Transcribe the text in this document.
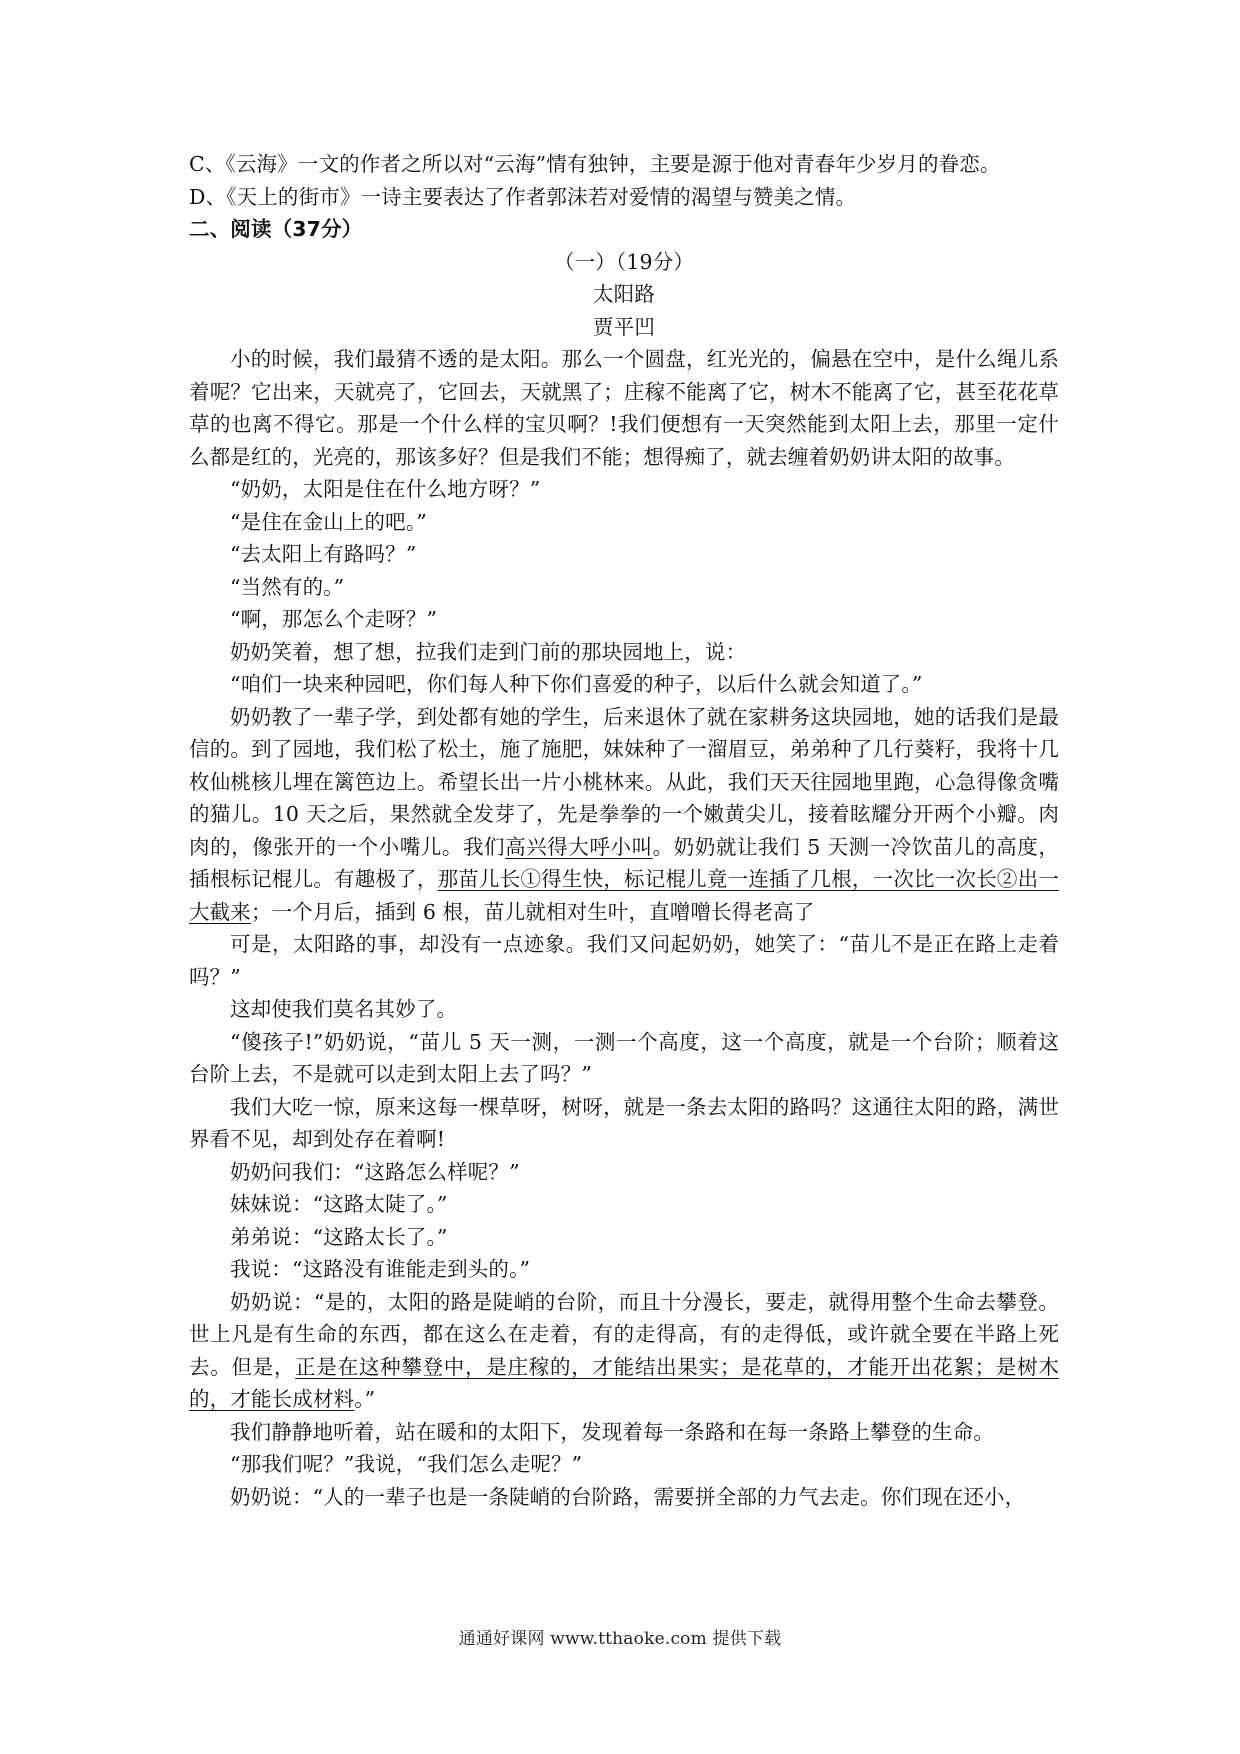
C、《云海》一文的作者之所以对“云海”情有独钟，主要是源于他对青春年少岁月的眷恋。

D、《天上的街市》一诗主要表达了作者郭沫若对爱情的渴望与赞美之情。

二、阅读（37分）

（一）（19分）

太阳路

贾平凹

小的时候，我们最猜不透的是太阳。那么一个圆盘，红光光的，偏悬在空中，是什么绳儿系着呢？它出来，天就亮了，它回去，天就黑了；庄稼不能离了它，树木不能离了它，甚至花花草草的也离不得它。那是一个什么样的宝贝啊？!我们便想有一天突然能到太阳上去，那里一定什么都是红的，光亮的，那该多好？但是我们不能；想得痴了，就去缠着奶奶讲太阳的故事。

“奶奶，太阳是住在什么地方呀？”

“是住在金山上的吧。”

“去太阳上有路吗？”

“当然有的。”

“啊，那怎么个走呀？”

奶奶笑着，想了想，拉我们走到门前的那块园地上，说：

“咱们一块来种园吧，你们每人种下你们喜爱的种子，以后什么就会知道了。”

奶奶教了一辈子学，到处都有她的学生，后来退休了就在家耕务这块园地，她的话我们是最信的。到了园地，我们松了松土，施了施肥，妹妹种了一溜眉豆，弟弟种了几行葵籽，我将十几枚仙桃核儿埋在篱笆边上。希望长出一片小桃林来。从此，我们天天往园地里跑，心急得像贪嘴的猫儿。10 天之后，果然就全发芽了，先是拳拳的一个嫩黄尖儿，接着眩耀分开两个小瓣。肉肉的，像张开的一个小嘴儿。我们高兴得大呼小叫。奶奶就让我们 5 天测一冷饮苗儿的高度，插根标记棍儿。有趣极了，那苗儿长①得生快，标记棍儿竟一连插了几根，一次比一次长②出一大截来；一个月后，插到 6 根，苗儿就相对生叶，直噌噌长得老高了

可是，太阳路的事，却没有一点迹象。我们又问起奶奶，她笑了：“苗儿不是正在路上走着吗？”

这却使我们莫名其妙了。

“傻孩子!”奶奶说，“苗儿 5 天一测，一测一个高度，这一个高度，就是一个台阶；顺着这台阶上去，不是就可以走到太阳上去了吗？”

我们大吃一惊，原来这每一棵草呀，树呀，就是一条去太阳的路吗？这通往太阳的路，满世界看不见，却到处存在着啊!

奶奶问我们：“这路怎么样呢？”

妹妹说：“这路太陡了。”

弟弟说：“这路太长了。”

我说：“这路没有谁能走到头的。”

奶奶说：“是的，太阳的路是陡峭的台阶，而且十分漫长，要走，就得用整个生命去攀登。世上凡是有生命的东西，都在这么在走着，有的走得高，有的走得低，或许就全要在半路上死去。但是，正是在这种攀登中，是庄稼的，才能结出果实；是花草的，才能开出花絮；是树木的，才能长成材料。”

我们静静地听着，站在暖和的太阳下，发现着每一条路和在每一条路上攀登的生命。

“那我们呢？”我说，“我们怎么走呢？”

奶奶说：“人的一辈子也是一条陡峭的台阶路，需要拼全部的力气去走。你们现在还小，

通通好课网 www.tthaoke.com 提供下载
